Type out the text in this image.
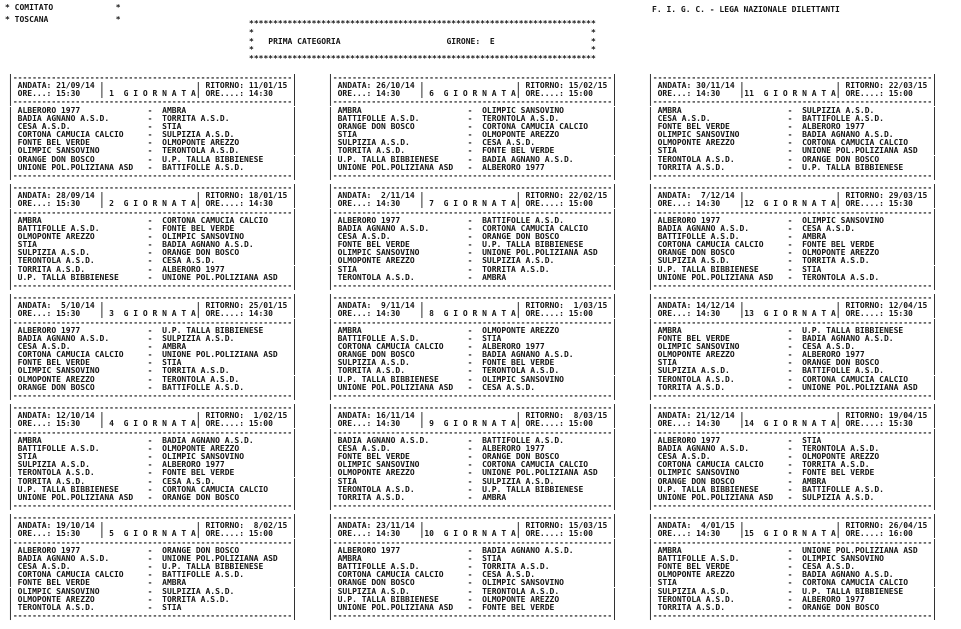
* COMITATO             *
* TOSCANA              *
F. I. G. C. - LEGA NAZIONALE DILETTANTI
************************************************************************
*                                                                      *
*   PRIMA CATEGORIA                      GIRONE:  E                    *
*                                                                      *
************************************************************************
|----------------------------------------------------------|
| ANDATA: 21/09/14 |                   | RITORNO: 11/01/15 |
| ORE...: 15:30    | 1  G I O R N A T A| ORE....: 14:30    |
|----------------------------------------------------------|
| ALBERORO 1977              -  AMBRA                      |
| BADIA AGNANO A.S.D.        -  TORRITA A.S.D.             |
| CESA A.S.D.                -  STIA                       |
| CORTONA CAMUCIA CALCIO     -  SULPIZIA A.S.D.            |
| FONTE BEL VERDE            -  OLMOPONTE AREZZO           |
| OLIMPIC SANSOVINO          -  TERONTOLA A.S.D.           |
| ORANGE DON BOSCO           -  U.P. TALLA BIBBIENESE      |
| UNIONE POL.POLIZIANA ASD   -  BATTIFOLLE A.S.D.          |
|----------------------------------------------------------|
|----------------------------------------------------------|
| ANDATA: 28/09/14 |                   | RITORNO: 18/01/15 |
| ORE...: 15:30    | 2  G I O R N A T A| ORE....: 14:30    |
|----------------------------------------------------------|
| AMBRA                      -  CORTONA CAMUCIA CALCIO     |
| BATTIFOLLE A.S.D.          -  FONTE BEL VERDE            |
| OLMOPONTE AREZZO           -  OLIMPIC SANSOVINO          |
| STIA                       -  BADIA AGNANO A.S.D.        |
| SULPIZIA A.S.D.            -  ORANGE DON BOSCO           |
| TERONTOLA A.S.D.           -  CESA A.S.D.                |
| TORRITA A.S.D.             -  ALBERORO 1977              |
| U.P. TALLA BIBBIENESE      -  UNIONE POL.POLIZIANA ASD   |
|----------------------------------------------------------|
|----------------------------------------------------------|
| ANDATA:  5/10/14 |                   | RITORNO: 25/01/15 |
| ORE...: 15:30    | 3  G I O R N A T A| ORE....: 14:30    |
|----------------------------------------------------------|
| ALBERORO 1977              -  U.P. TALLA BIBBIENESE      |
| BADIA AGNANO A.S.D.        -  SULPIZIA A.S.D.            |
| CESA A.S.D.                -  AMBRA                      |
| CORTONA CAMUCIA CALCIO     -  UNIONE POL.POLIZIANA ASD   |
| FONTE BEL VERDE            -  STIA                       |
| OLIMPIC SANSOVINO          -  TORRITA A.S.D.             |
| OLMOPONTE AREZZO           -  TERONTOLA A.S.D.           |
| ORANGE DON BOSCO           -  BATTIFOLLE A.S.D.          |
|----------------------------------------------------------|
|----------------------------------------------------------|
| ANDATA: 12/10/14 |                   | RITORNO:  1/02/15 |
| ORE...: 15:30    | 4  G I O R N A T A| ORE....: 15:00    |
|----------------------------------------------------------|
| AMBRA                      -  BADIA AGNANO A.S.D.        |
| BATTIFOLLE A.S.D.          -  OLMOPONTE AREZZO           |
| STIA                       -  OLIMPIC SANSOVINO          |
| SULPIZIA A.S.D.            -  ALBERORO 1977              |
| TERONTOLA A.S.D.           -  FONTE BEL VERDE            |
| TORRITA A.S.D.             -  CESA A.S.D.                |
| U.P. TALLA BIBBIENESE      -  CORTONA CAMUCIA CALCIO     |
| UNIONE POL.POLIZIANA ASD   -  ORANGE DON BOSCO           |
|----------------------------------------------------------|
|----------------------------------------------------------|
| ANDATA: 19/10/14 |                   | RITORNO:  8/02/15 |
| ORE...: 15:30    | 5  G I O R N A T A| ORE....: 15:00    |
|----------------------------------------------------------|
| ALBERORO 1977              -  ORANGE DON BOSCO           |
| BADIA AGNANO A.S.D.        -  UNIONE POL.POLIZIANA ASD   |
| CESA A.S.D.                -  U.P. TALLA BIBBIENESE      |
| CORTONA CAMUCIA CALCIO     -  BATTIFOLLE A.S.D.          |
| FONTE BEL VERDE            -  AMBRA                      |
| OLIMPIC SANSOVINO          -  SULPIZIA A.S.D.            |
| OLMOPONTE AREZZO           -  TORRITA A.S.D.             |
| TERONTOLA A.S.D.           -  STIA                       |
|----------------------------------------------------------|
|----------------------------------------------------------|
| ANDATA: 26/10/14 |                   | RITORNO: 15/02/15 |
| ORE...: 14:30    | 6  G I O R N A T A| ORE....: 15:00    |
|----------------------------------------------------------|
| AMBRA                      -  OLIMPIC SANSOVINO          |
| BATTIFOLLE A.S.D.          -  TERONTOLA A.S.D.           |
| ORANGE DON BOSCO           -  CORTONA CAMUCIA CALCIO     |
| STIA                       -  OLMOPONTE AREZZO           |
| SULPIZIA A.S.D.            -  CESA A.S.D.                |
| TORRITA A.S.D.             -  FONTE BEL VERDE            |
| U.P. TALLA BIBBIENESE      -  BADIA AGNANO A.S.D.        |
| UNIONE POL.POLIZIANA ASD   -  ALBERORO 1977              |
|----------------------------------------------------------|
|----------------------------------------------------------|
| ANDATA:  2/11/14 |                   | RITORNO: 22/02/15 |
| ORE...: 14:30    | 7  G I O R N A T A| ORE....: 15:00    |
|----------------------------------------------------------|
| ALBERORO 1977              -  BATTIFOLLE A.S.D.          |
| BADIA AGNANO A.S.D.        -  CORTONA CAMUCIA CALCIO     |
| CESA A.S.D.                -  ORANGE DON BOSCO           |
| FONTE BEL VERDE            -  U.P. TALLA BIBBIENESE      |
| OLIMPIC SANSOVINO          -  UNIONE POL.POLIZIANA ASD   |
| OLMOPONTE AREZZO           -  SULPIZIA A.S.D.            |
| STIA                       -  TORRITA A.S.D.             |
| TERONTOLA A.S.D.           -  AMBRA                      |
|----------------------------------------------------------|
|----------------------------------------------------------|
| ANDATA:  9/11/14 |                   | RITORNO:  1/03/15 |
| ORE...: 14:30    | 8  G I O R N A T A| ORE....: 15:00    |
|----------------------------------------------------------|
| AMBRA                      -  OLMOPONTE AREZZO           |
| BATTIFOLLE A.S.D.          -  STIA                       |
| CORTONA CAMUCIA CALCIO     -  ALBERORO 1977              |
| ORANGE DON BOSCO           -  BADIA AGNANO A.S.D.        |
| SULPIZIA A.S.D.            -  FONTE BEL VERDE            |
| TORRITA A.S.D.             -  TERONTOLA A.S.D.           |
| U.P. TALLA BIBBIENESE      -  OLIMPIC SANSOVINO          |
| UNIONE POL.POLIZIANA ASD   -  CESA A.S.D.                |
|----------------------------------------------------------|
|----------------------------------------------------------|
| ANDATA: 16/11/14 |                   | RITORNO:  8/03/15 |
| ORE...: 14:30    | 9  G I O R N A T A| ORE....: 15:00    |
|----------------------------------------------------------|
| BADIA AGNANO A.S.D.        -  BATTIFOLLE A.S.D.          |
| CESA A.S.D.                -  ALBERORO 1977              |
| FONTE BEL VERDE            -  ORANGE DON BOSCO           |
| OLIMPIC SANSOVINO          -  CORTONA CAMUCIA CALCIO     |
| OLMOPONTE AREZZO           -  UNIONE POL.POLIZIANA ASD   |
| STIA                       -  SULPIZIA A.S.D.            |
| TERONTOLA A.S.D.           -  U.P. TALLA BIBBIENESE      |
| TORRITA A.S.D.             -  AMBRA                      |
|----------------------------------------------------------|
|----------------------------------------------------------|
| ANDATA: 23/11/14 |                   | RITORNO: 15/03/15 |
| ORE...: 14:30    |10  G I O R N A T A| ORE....: 15:00    |
|----------------------------------------------------------|
| ALBERORO 1977              -  BADIA AGNANO A.S.D.        |
| AMBRA                      -  STIA                       |
| BATTIFOLLE A.S.D.          -  TORRITA A.S.D.             |
| CORTONA CAMUCIA CALCIO     -  CESA A.S.D.                |
| ORANGE DON BOSCO           -  OLIMPIC SANSOVINO          |
| SULPIZIA A.S.D.            -  TERONTOLA A.S.D.           |
| U.P. TALLA BIBBIENESE      -  OLMOPONTE AREZZO           |
| UNIONE POL.POLIZIANA ASD   -  FONTE BEL VERDE            |
|----------------------------------------------------------|
|----------------------------------------------------------|
| ANDATA: 30/11/14 |                   | RITORNO: 22/03/15 |
| ORE...: 14:30    |11  G I O R N A T A| ORE....: 15:00    |
|----------------------------------------------------------|
| AMBRA                      -  SULPIZIA A.S.D.            |
| CESA A.S.D.                -  BATTIFOLLE A.S.D.          |
| FONTE BEL VERDE            -  ALBERORO 1977              |
| OLIMPIC SANSOVINO          -  BADIA AGNANO A.S.D.        |
| OLMOPONTE AREZZO           -  CORTONA CAMUCIA CALCIO     |
| STIA                       -  UNIONE POL.POLIZIANA ASD   |
| TERONTOLA A.S.D.           -  ORANGE DON BOSCO           |
| TORRITA A.S.D.             -  U.P. TALLA BIBBIENESE      |
|----------------------------------------------------------|
|----------------------------------------------------------|
| ANDATA:  7/12/14 |                   | RITORNO: 29/03/15 |
| ORE...: 14:30    |12  G I O R N A T A| ORE....: 15:30    |
|----------------------------------------------------------|
| ALBERORO 1977              -  OLIMPIC SANSOVINO          |
| BADIA AGNANO A.S.D.        -  CESA A.S.D.                |
| BATTIFOLLE A.S.D.          -  AMBRA                      |
| CORTONA CAMUCIA CALCIO     -  FONTE BEL VERDE            |
| ORANGE DON BOSCO           -  OLMOPONTE AREZZO           |
| SULPIZIA A.S.D.            -  TORRITA A.S.D.             |
| U.P. TALLA BIBBIENESE      -  STIA                       |
| UNIONE POL.POLIZIANA ASD   -  TERONTOLA A.S.D.           |
|----------------------------------------------------------|
|----------------------------------------------------------|
| ANDATA: 14/12/14 |                   | RITORNO: 12/04/15 |
| ORE...: 14:30    |13  G I O R N A T A| ORE....: 15:30    |
|----------------------------------------------------------|
| AMBRA                      -  U.P. TALLA BIBBIENESE      |
| FONTE BEL VERDE            -  BADIA AGNANO A.S.D.        |
| OLIMPIC SANSOVINO          -  CESA A.S.D.                |
| OLMOPONTE AREZZO           -  ALBERORO 1977              |
| STIA                       -  ORANGE DON BOSCO           |
| SULPIZIA A.S.D.            -  BATTIFOLLE A.S.D.          |
| TERONTOLA A.S.D.           -  CORTONA CAMUCIA CALCIO     |
| TORRITA A.S.D.             -  UNIONE POL.POLIZIANA ASD   |
|----------------------------------------------------------|
|----------------------------------------------------------|
| ANDATA: 21/12/14 |                   | RITORNO: 19/04/15 |
| ORE...: 14:30    |14  G I O R N A T A| ORE....: 15:30    |
|----------------------------------------------------------|
| ALBERORO 1977              -  STIA                       |
| BADIA AGNANO A.S.D.        -  TERONTOLA A.S.D.           |
| CESA A.S.D.                -  OLMOPONTE AREZZO           |
| CORTONA CAMUCIA CALCIO     -  TORRITA A.S.D.             |
| OLIMPIC SANSOVINO          -  FONTE BEL VERDE            |
| ORANGE DON BOSCO           -  AMBRA                      |
| U.P. TALLA BIBBIENESE      -  BATTIFOLLE A.S.D.          |
| UNIONE POL.POLIZIANA ASD   -  SULPIZIA A.S.D.            |
|----------------------------------------------------------|
|----------------------------------------------------------|
| ANDATA:  4/01/15 |                   | RITORNO: 26/04/15 |
| ORE...: 14:30    |15  G I O R N A T A| ORE....: 16:00    |
|----------------------------------------------------------|
| AMBRA                      -  UNIONE POL.POLIZIANA ASD   |
| BATTIFOLLE A.S.D.          -  OLIMPIC SANSOVINO          |
| FONTE BEL VERDE            -  CESA A.S.D.                |
| OLMOPONTE AREZZO           -  BADIA AGNANO A.S.D.        |
| STIA                       -  CORTONA CAMUCIA CALCIO     |
| SULPIZIA A.S.D.            -  U.P. TALLA BIBBIENESE      |
| TERONTOLA A.S.D.           -  ALBERORO 1977              |
| TORRITA A.S.D.             -  ORANGE DON BOSCO           |
|----------------------------------------------------------|
